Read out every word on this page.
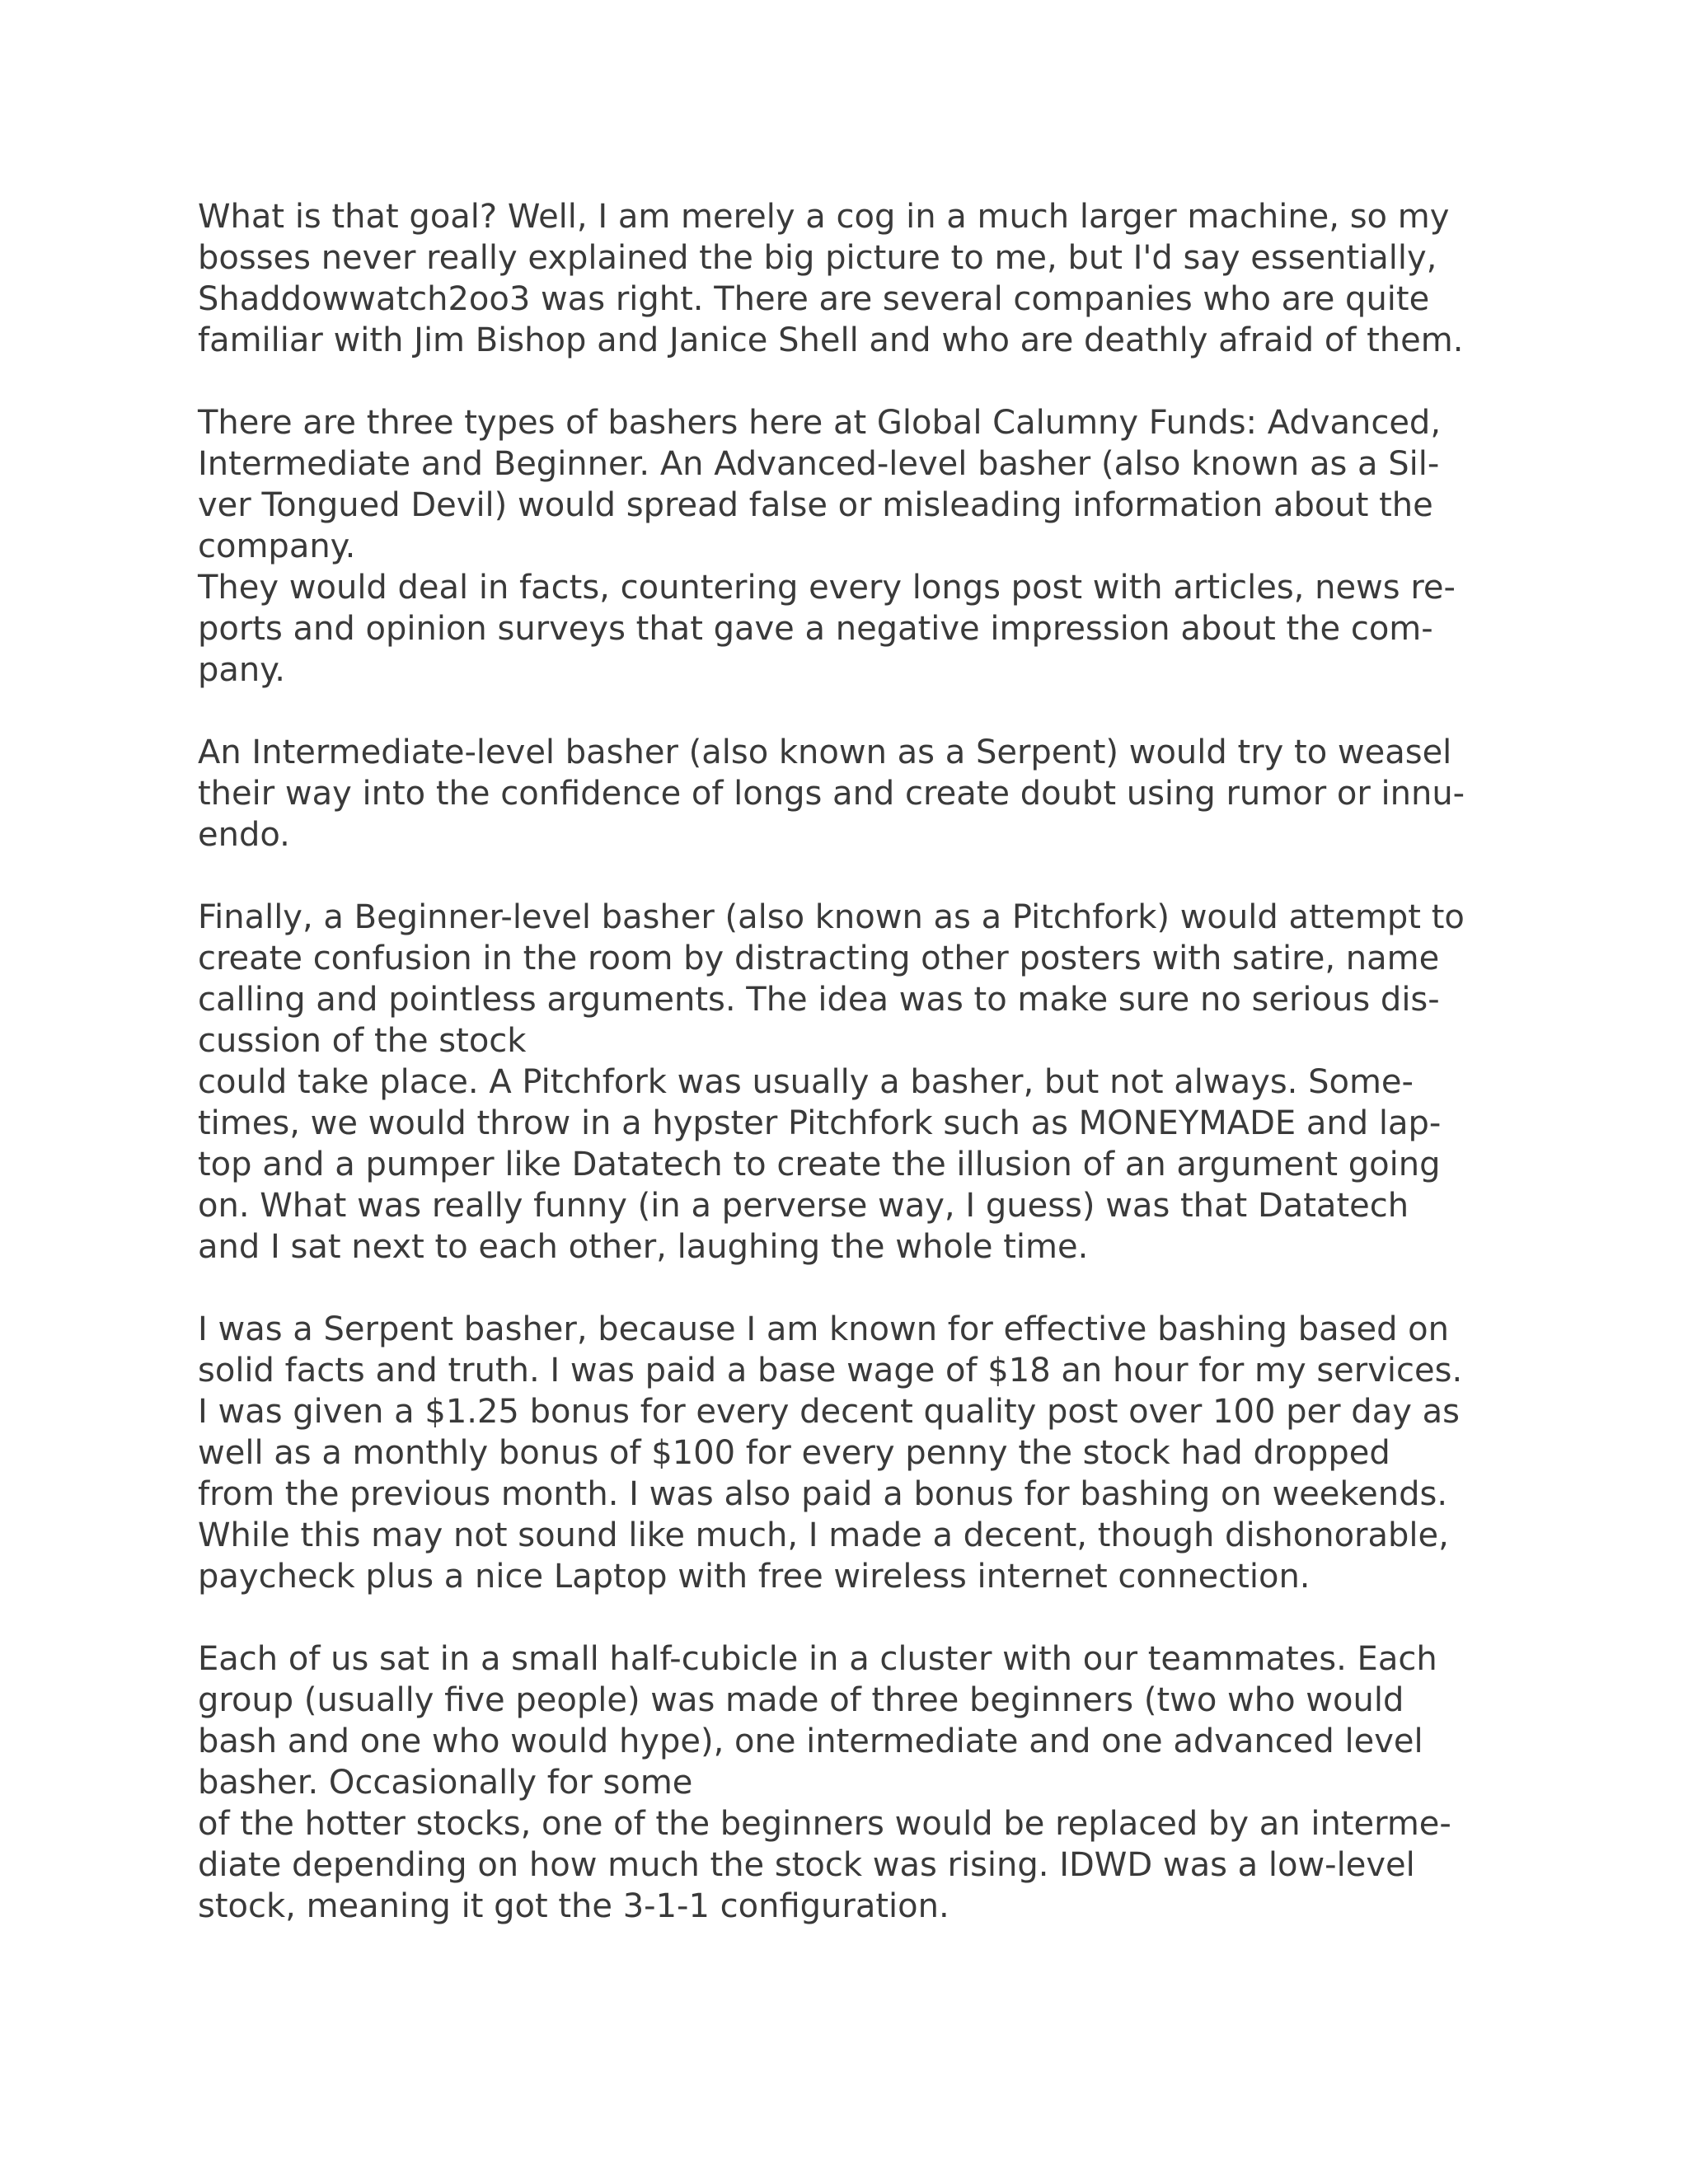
What is that goal? Well, I am merely a cog in a much larger machine, so my
bosses never really explained the big picture to me, but I'd say essentially,
Shaddowwatch2oo3 was right. There are several companies who are quite
familiar with Jim Bishop and Janice Shell and who are deathly afraid of them.

There are three types of bashers here at Global Calumny Funds: Advanced,
Intermediate and Beginner. An Advanced-level basher (also known as a Sil-
ver Tongued Devil) would spread false or misleading information about the
company.
They would deal in facts, countering every longs post with articles, news re-
ports and opinion surveys that gave a negative impression about the com-
pany.

An Intermediate-level basher (also known as a Serpent) would try to weasel
their way into the confidence of longs and create doubt using rumor or innu-
endo.

Finally, a Beginner-level basher (also known as a Pitchfork) would attempt to
create confusion in the room by distracting other posters with satire, name
calling and pointless arguments. The idea was to make sure no serious dis-
cussion of the stock
could take place. A Pitchfork was usually a basher, but not always. Some-
times, we would throw in a hypster Pitchfork such as MONEYMADE and lap-
top and a pumper like Datatech to create the illusion of an argument going
on. What was really funny (in a perverse way, I guess) was that Datatech
and I sat next to each other, laughing the whole time.

I was a Serpent basher, because I am known for effective bashing based on
solid facts and truth. I was paid a base wage of $18 an hour for my services.
I was given a $1.25 bonus for every decent quality post over 100 per day as
well as a monthly bonus of $100 for every penny the stock had dropped
from the previous month. I was also paid a bonus for bashing on weekends.
While this may not sound like much, I made a decent, though dishonorable,
paycheck plus a nice Laptop with free wireless internet connection.

Each of us sat in a small half-cubicle in a cluster with our teammates. Each
group (usually five people) was made of three beginners (two who would
bash and one who would hype), one intermediate and one advanced level
basher. Occasionally for some
of the hotter stocks, one of the beginners would be replaced by an interme-
diate depending on how much the stock was rising. IDWD was a low-level
stock, meaning it got the 3-1-1 configuration.
